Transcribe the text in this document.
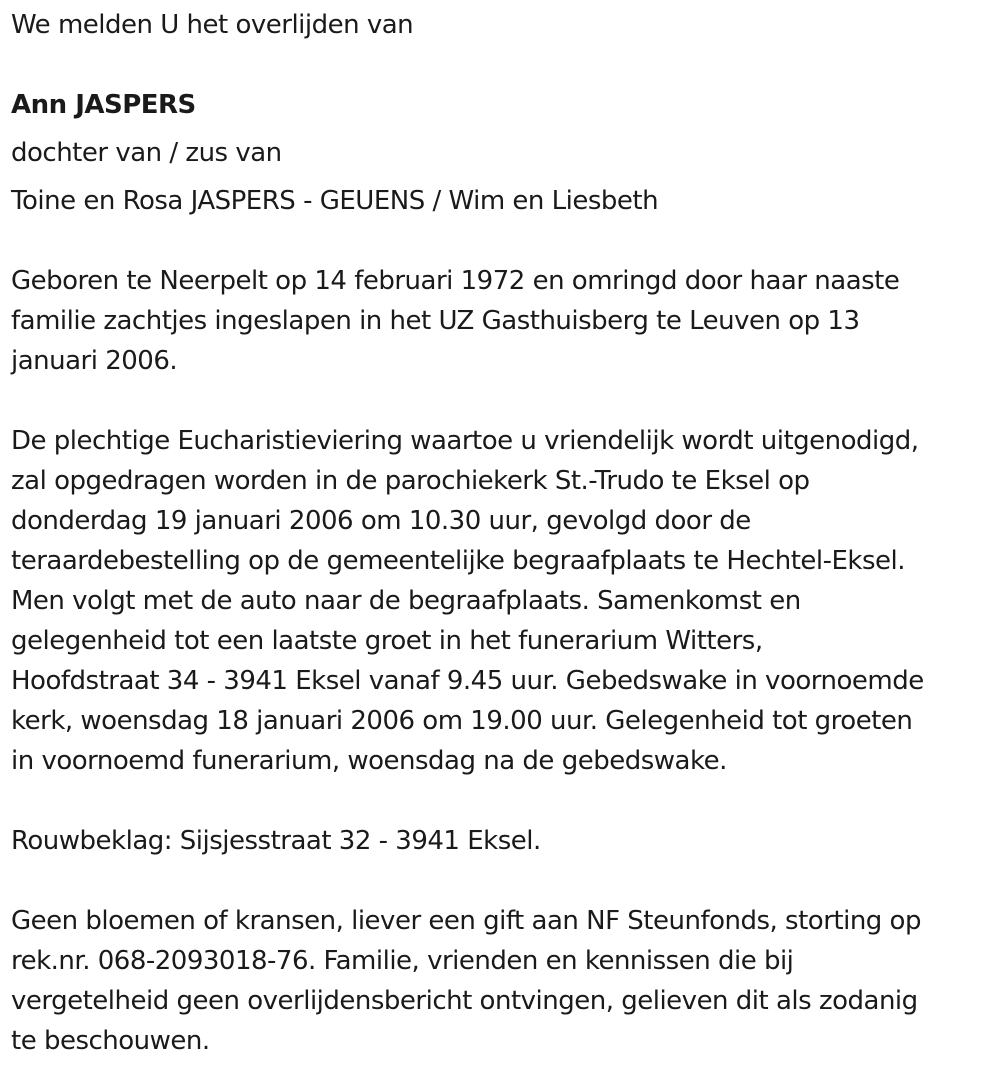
We melden U het overlijden van

Ann JASPERS

dochter van / zus van

Toine en Rosa JASPERS - GEUENS / Wim en Liesbeth

Geboren te Neerpelt op 14 februari 1972 en omringd door haar naaste

familie zachtjes ingeslapen in het UZ Gasthuisberg te Leuven op 13

januari 2006.

De plechtige Eucharistieviering waartoe u vriendelijk wordt uitgenodigd,

zal opgedragen worden in de parochiekerk St.-Trudo te Eksel op

donderdag 19 januari 2006 om 10.30 uur, gevolgd door de

teraardebestelling op de gemeentelijke begraafplaats te Hechtel-Eksel.

Men volgt met de auto naar de begraafplaats. Samenkomst en

gelegenheid tot een laatste groet in het funerarium Witters,

Hoofdstraat 34 - 3941 Eksel vanaf 9.45 uur. Gebedswake in voornoemde

kerk, woensdag 18 januari 2006 om 19.00 uur. Gelegenheid tot groeten

in voornoemd funerarium, woensdag na de gebedswake.

Rouwbeklag: Sijsjesstraat 32 - 3941 Eksel.

Geen bloemen of kransen, liever een gift aan NF Steunfonds, storting op

rek.nr. 068-2093018-76. Familie, vrienden en kennissen die bij

vergetelheid geen overlijdensbericht ontvingen, gelieven dit als zodanig

te beschouwen.
